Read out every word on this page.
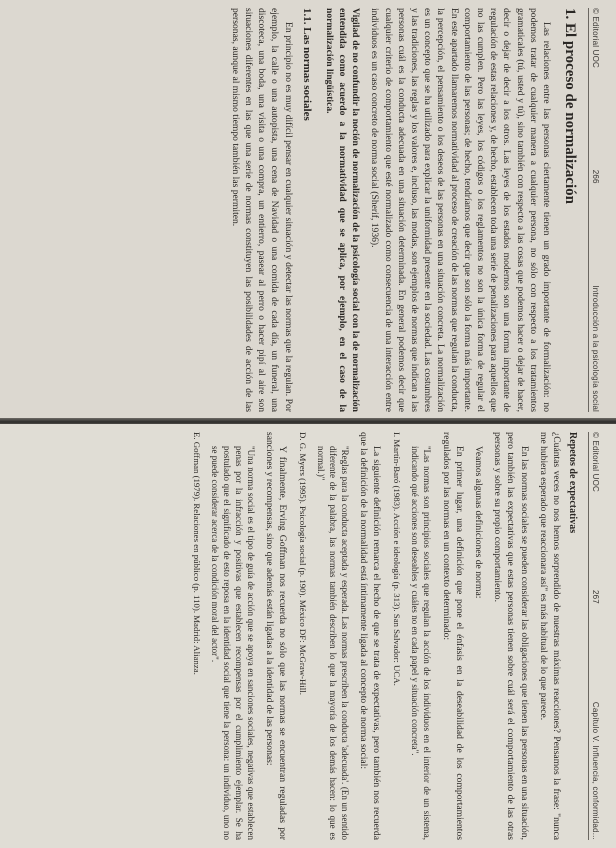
© Editorial UOC
266
Introducción a la psicología social
1. El proceso de normalización

Las relaciones entre las personas ciertamente tienen un grado importante de formalización: no podemos tratar de cualquier manera a cualquier persona, no sólo con respecto a los tratamientos gramaticales (tú, usted y tú), sino también con respecto a las cosas que podemos hacer o dejar de hacer, decir o dejar de decir a los otros. Las leyes de los estados modernos son una forma importante de regulación de estas relaciones y, de hecho, establecen toda una serie de penalizaciones para aquellos que no las cumplen. Pero las leyes, los códigos o los reglamentos no son la única forma de regular el comportamiento de las personas; de hecho, tendríamos que decir que son sólo la forma más importante. En este apartado llamaremos normatividad al proceso de creación de las normas que regulan la conducta, la percepción, el pensamiento o los deseos de las personas en una situación concreta. La normalización es un concepto que se ha utilizado para explicar la uniformidad presente en la sociedad. Las costumbres y las tradiciones, las reglas y los valores e, incluso, las modas, son ejemplos de normas que indican a las personas cuál es la conducta adecuada en una situación determinada. En general podemos decir que cualquier criterio de comportamiento que esté normalizado como consecuencia de una interacción entre individuos es un caso concreto de norma social (Sherif, 1936).

Vigilad de no confundir la noción de normalización de la psicología social con la de normalización entendida como acuerdo a la normatividad que se aplica, por ejemplo, en el caso de la normalización lingüística.

1.1. Las normas sociales

En principio no es muy difícil pensar en cualquier situación y detectar las normas que la regulan. Por ejemplo, la calle o una autopista, una cena de Navidad o una comida de cada día, un funeral, una discoteca, una boda, una visita o una compra, un entierro, pasear al perro o hacer pipí al aire son situaciones diferentes en las que una serie de normas constituyen las posibilidades de acción de las personas, aunque al mismo tiempo también las permiten.

© Editorial UOC
267
Capítulo V. Influencia, conformidad...
Repetos de expectativas

¿Cuántas veces no nos hemos sorprendido de nuestras máximas reacciones? Pensamos la frase: "nunca me hubiera esperado que reaccionara así" es más habitual de lo que parece.

En las normas sociales se pueden considerar las obligaciones que tienen las personas en una situación, pero también las expectativas que estas personas tienen sobre cuál será el comportamiento de las otras personas y sobre su propio comportamiento.

Veamos algunas definiciones de norma:

En primer lugar, una definición que pone el énfasis en la deseabilidad de los comportamientos regulados por las normas en un contexto determinado:

"Las normas son principios sociales que regulan la acción de los individuos en el interior de un sistema, indicando qué acciones son deseables y cuáles no en cada papel y situación concreta".

I. Martín-Baró (1983). Acción e ideología (p. 313). San Salvador: UCA.

La siguiente definición remarca el hecho de que se trata de expectativas, pero también nos recuerda que la definición de la normalidad está íntimamente ligada al concepto de norma social:

"Reglas para la conducta aceptada y esperada. Las normas prescriben la conducta 'adecuada'. (En un sentido diferente de la palabra, las normas también describen lo que la mayoría de los demás hacen: lo que es normal.)"

D. G. Myers (1995). Psicología social (p. 190). México DF: McGraw-Hill.

Y finalmente, Erving Goffman nos recuerda no sólo que las normas se encuentran reguladas por sanciones y recompensas, sino que además están ligadas a la identidad de las personas:

"Una norma social es el tipo de guía de acción que se apoya en sanciones sociales, negativas que establecen penas por la infracción y positivas que establecen recompensas por el cumplimiento ejemplar. Se ha postulado que el significado de esto reposa en la identidad social que tiene la persona: un individuo, uno no se puede considerar acerca de la condición moral del actor".

E. Goffman (1979). Relaciones en público (p. 110). Madrid: Alianza.
